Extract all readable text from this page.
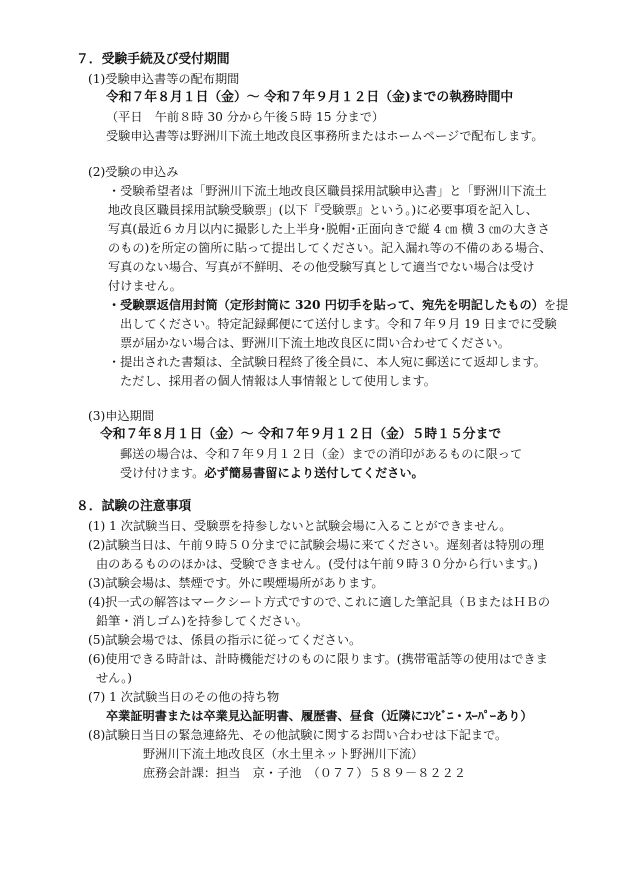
７．受験手続及び受付期間
(1)受験申込書等の配布期間
令和７年８月１日（金）～ 令和７年９月１２日（金)までの執務時間中
（平日　午前８時 30 分から午後５時 15 分まで）
受験申込書等は野洲川下流土地改良区事務所またはホームページで配布します。
(2)受験の申込み
・受験希望者は「野洲川下流土地改良区職員採用試験申込書」と「野洲川下流土
地改良区職員採用試験受験票」(以下『受験票』という。)に必要事項を記入し、
写真(最近６カ月以内に撮影した上半身･脱帽･正面向きで縦 4 ㎝ 横 3 ㎝の大きさ
のもの)を所定の箇所に貼って提出してください。記入漏れ等の不備のある場合、
写真のない場合、写真が不鮮明、その他受験写真として適当でない場合は受け
付けません。
・受験票返信用封筒（定形封筒に 320 円切手を貼って、宛先を明記したもの）を提
出してください。特定記録郵便にて送付します。令和７年９月 19 日までに受験
票が届かない場合は、野洲川下流土地改良区に問い合わせてください。
・提出された書類は、全試験日程終了後全員に、本人宛に郵送にて返却します。
ただし、採用者の個人情報は人事情報として使用します。
(3)申込期間
令和７年８月１日（金）～ 令和７年９月１２日（金）５時１５分まで
郵送の場合は、令和７年９月１２日（金）までの消印があるものに限って
受け付けます。必ず簡易書留により送付してください。
８．試験の注意事項
(1) 1 次試験当日、受験票を持参しないと試験会場に入ることができません。
(2)試験当日は、午前９時５０分までに試験会場に来てください。遅刻者は特別の理
由のあるもののほかは、受験できません。(受付は午前９時３０分から行います。)
(3)試験会場は、禁煙です。外に喫煙場所があります。
(4)択一式の解答はマークシート方式ですので､これに適した筆記具（ＢまたはＨＢの
鉛筆・消しゴム)を持参してください。
(5)試験会場では、係員の指示に従ってください。
(6)使用できる時計は、計時機能だけのものに限ります。(携帯電話等の使用はできま
せん。)
(7) 1 次試験当日のその他の持ち物
卒業証明書または卒業見込証明書、履歴書、昼食（近隣にｺﾝﾋﾞﾆ・ｽｰﾊﾟｰあり）
(8)試験日当日の緊急連絡先、その他試験に関するお問い合わせは下記まで。
野洲川下流土地改良区（水土里ネット野洲川下流）
庶務会計課：担当　京・子池　（０７７）５８９－８２２２
